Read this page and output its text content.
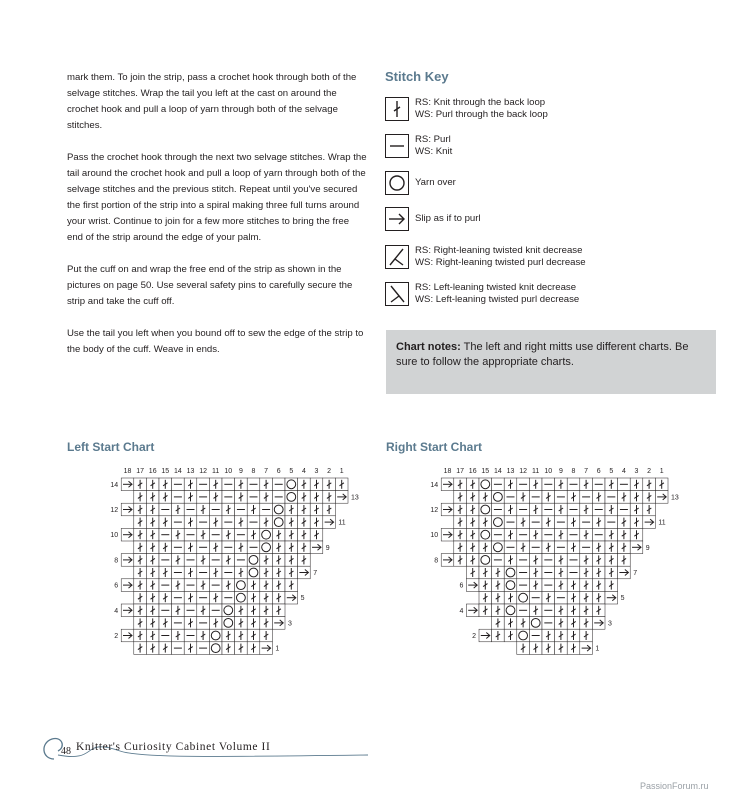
mark them. To join the strip, pass a crochet hook through both of the selvage stitches. Wrap the tail you left at the cast on around the crochet hook and pull a loop of yarn through both of the selvage stitches.

Pass the crochet hook through the next two selvage stitches. Wrap the tail around the crochet hook and pull a loop of yarn through both of the selvage stitches and the previous stitch. Repeat until you've secured the first portion of the strip into a spiral making three full turns around your wrist. Continue to join for a few more stitches to bring the free end of the strip around the edge of your palm.

Put the cuff on and wrap the free end of the strip as shown in the pictures on page 50. Use several safety pins to carefully secure the strip and take the cuff off.

Use the tail you left when you bound off to sew the edge of the strip to the body of the cuff. Weave in ends.

Stitch Key
RS: Knit through the back loop
WS: Purl through the back loop
RS: Purl
WS: Knit
Yarn over
Slip as if to purl
RS: Right-leaning twisted knit decrease
WS: Right-leaning twisted purl decrease
RS: Left-leaning twisted knit decrease
WS: Left-leaning twisted purl decrease
Chart notes: The left and right mitts use different charts. Be sure to follow the appropriate charts.
Left Start Chart	Right Start Chart
18 17 16 15 14 13 12 11 10 9 8 7 6 5 4 3 2 1
14
13
12
11
10
9
8
7
6
5
4
3
2
1
18 17 16 15 14 13 12 11 10 9 8 7 6 5 4 3 2 1
14
13
12
11
10
9
8
7
6
5
4
3
2
1
48 Knitter's Curiosity Cabinet Volume II
PassionForum.ru
